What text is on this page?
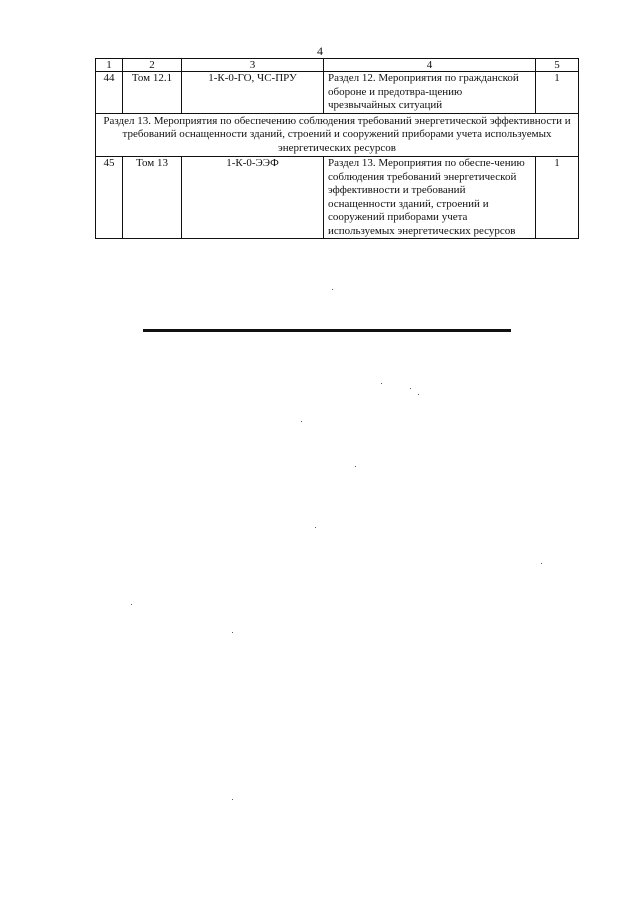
4
1	2	3	4	5
44	Том 12.1	1-К-0-ГО, ЧС-ПРУ	Раздел 12. Мероприятия по гражданской обороне и предотвра-щению чрезвычайных ситуаций	1
Раздел 13. Мероприятия по обеспечению соблюдения требований энергетической эффективности и требований оснащенности зданий, строений и сооружений приборами учета используемых энергетических ресурсов				
45	Том 13	1-К-0-ЭЭФ	Раздел 13. Мероприятия по обеспе-чению соблюдения требований энергетической эффективности и требований оснащенности зданий, строений и сооружений приборами учета используемых энергетических ресурсов	1
